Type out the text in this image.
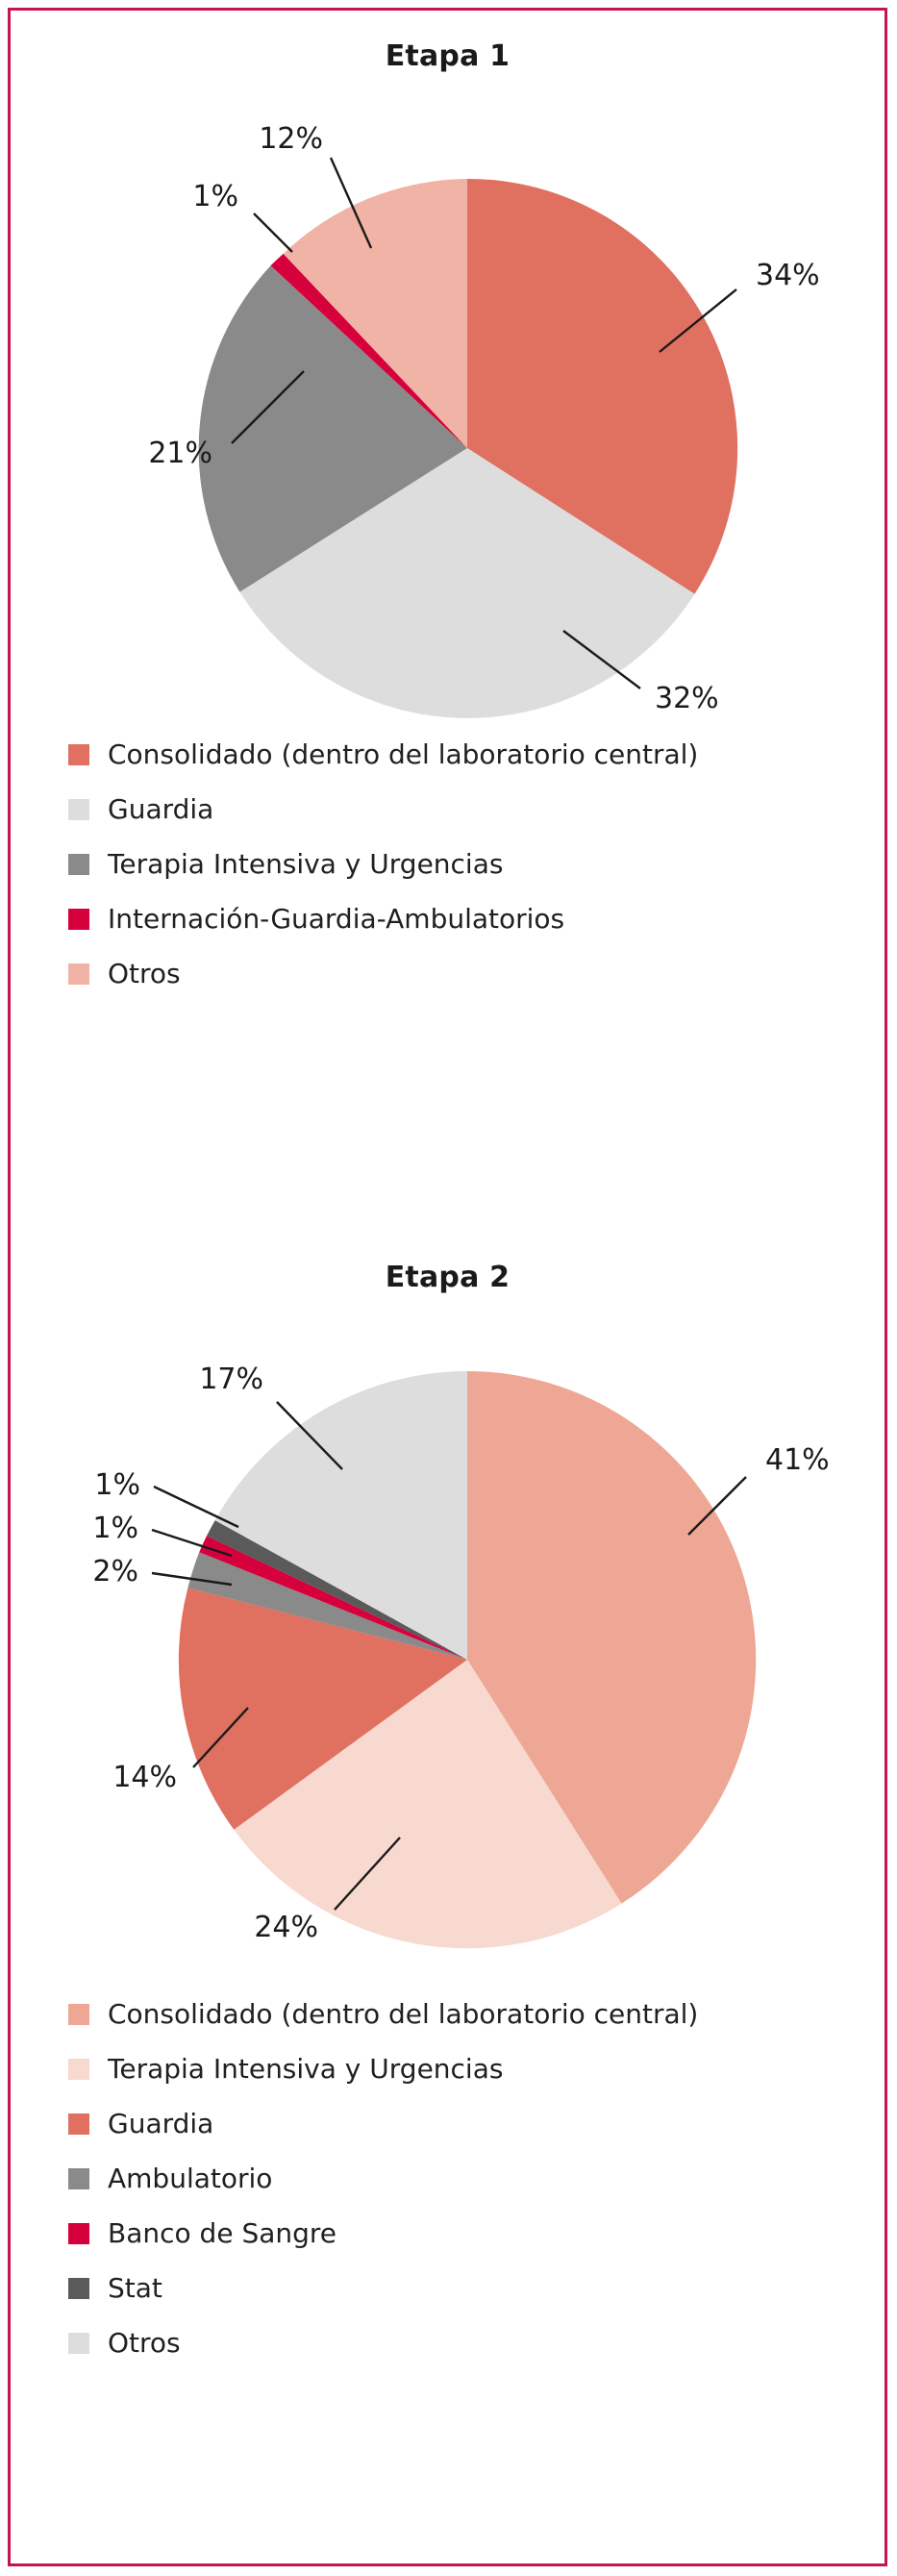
Etapa 1
34%
32%
21%
1%
12%
Consolidado (dentro del laboratorio central)
Guardia
Terapia Intensiva y Urgencias
Internación-Guardia-Ambulatorios
Otros
Etapa 2
41%
24%
14%
2%
1%
1%
17%
Consolidado (dentro del laboratorio central)
Terapia Intensiva y Urgencias
Guardia
Ambulatorio
Banco de Sangre
Stat
Otros
